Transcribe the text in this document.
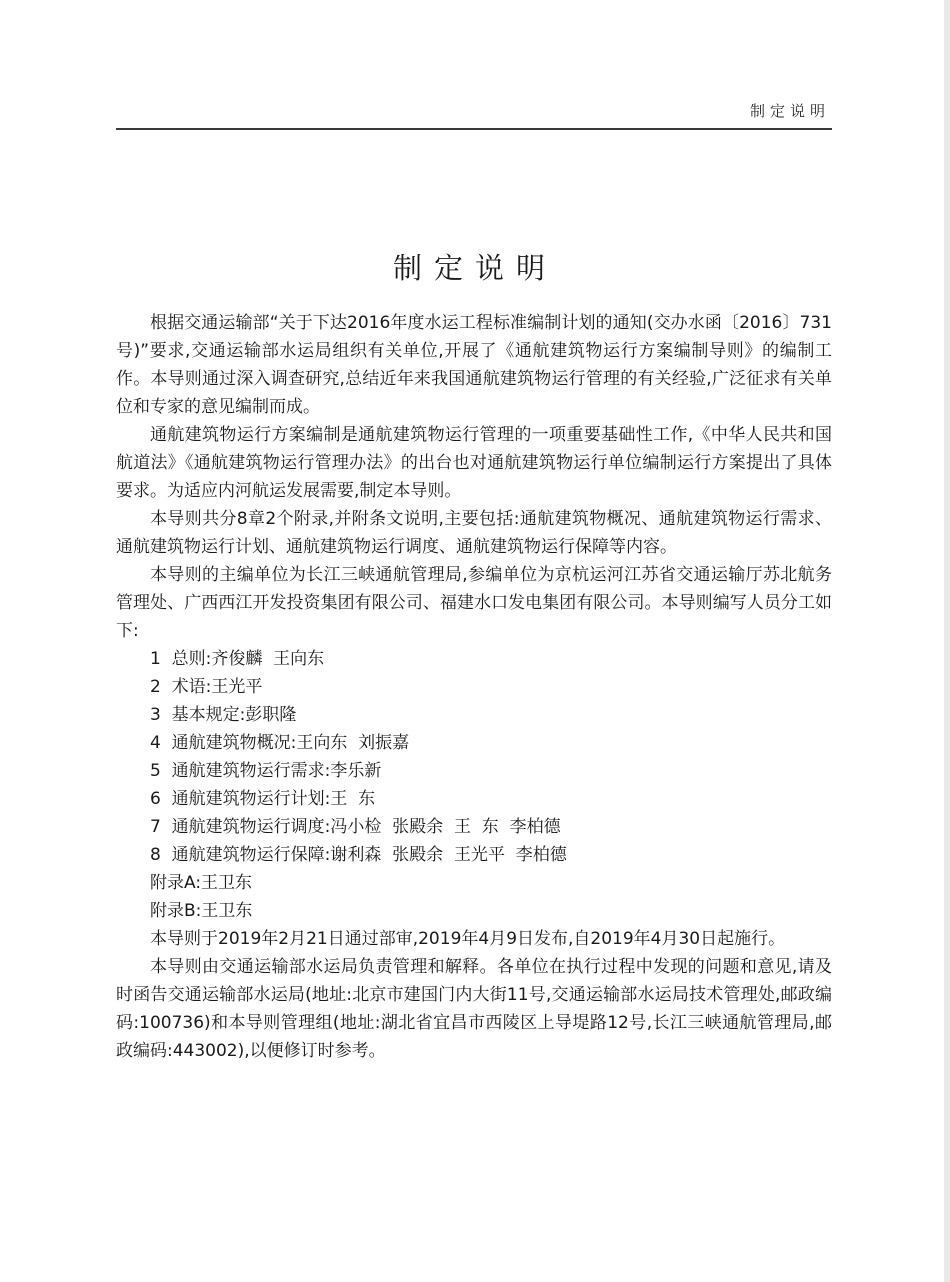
制定说明
制定说明

根据交通运输部“关于下达2016年度水运工程标准编制计划的通知(交办水函〔2016〕731号)”要求,交通运输部水运局组织有关单位,开展了《通航建筑物运行方案编制导则》的编制工作。本导则通过深入调查研究,总结近年来我国通航建筑物运行管理的有关经验,广泛征求有关单位和专家的意见编制而成。

通航建筑物运行方案编制是通航建筑物运行管理的一项重要基础性工作,《中华人民共和国航道法》《通航建筑物运行管理办法》的出台也对通航建筑物运行单位编制运行方案提出了具体要求。为适应内河航运发展需要,制定本导则。

本导则共分8章2个附录,并附条文说明,主要包括:通航建筑物概况、通航建筑物运行需求、通航建筑物运行计划、通航建筑物运行调度、通航建筑物运行保障等内容。

本导则的主编单位为长江三峡通航管理局,参编单位为京杭运河江苏省交通运输厅苏北航务管理处、广西西江开发投资集团有限公司、福建水口发电集团有限公司。本导则编写人员分工如下:

1  总则:齐俊麟  王向东
2  术语:王光平
3  基本规定:彭职隆
4  通航建筑物概况:王向东  刘振嘉
5  通航建筑物运行需求:李乐新
6  通航建筑物运行计划:王  东
7  通航建筑物运行调度:冯小检  张殿余  王  东  李柏德
8  通航建筑物运行保障:谢利森  张殿余  王光平  李柏德
附录A:王卫东
附录B:王卫东

本导则于2019年2月21日通过部审,2019年4月9日发布,自2019年4月30日起施行。

本导则由交通运输部水运局负责管理和解释。各单位在执行过程中发现的问题和意见,请及时函告交通运输部水运局(地址:北京市建国门内大街11号,交通运输部水运局技术管理处,邮政编码:100736)和本导则管理组(地址:湖北省宜昌市西陵区上导堤路12号,长江三峡通航管理局,邮政编码:443002),以便修订时参考。
